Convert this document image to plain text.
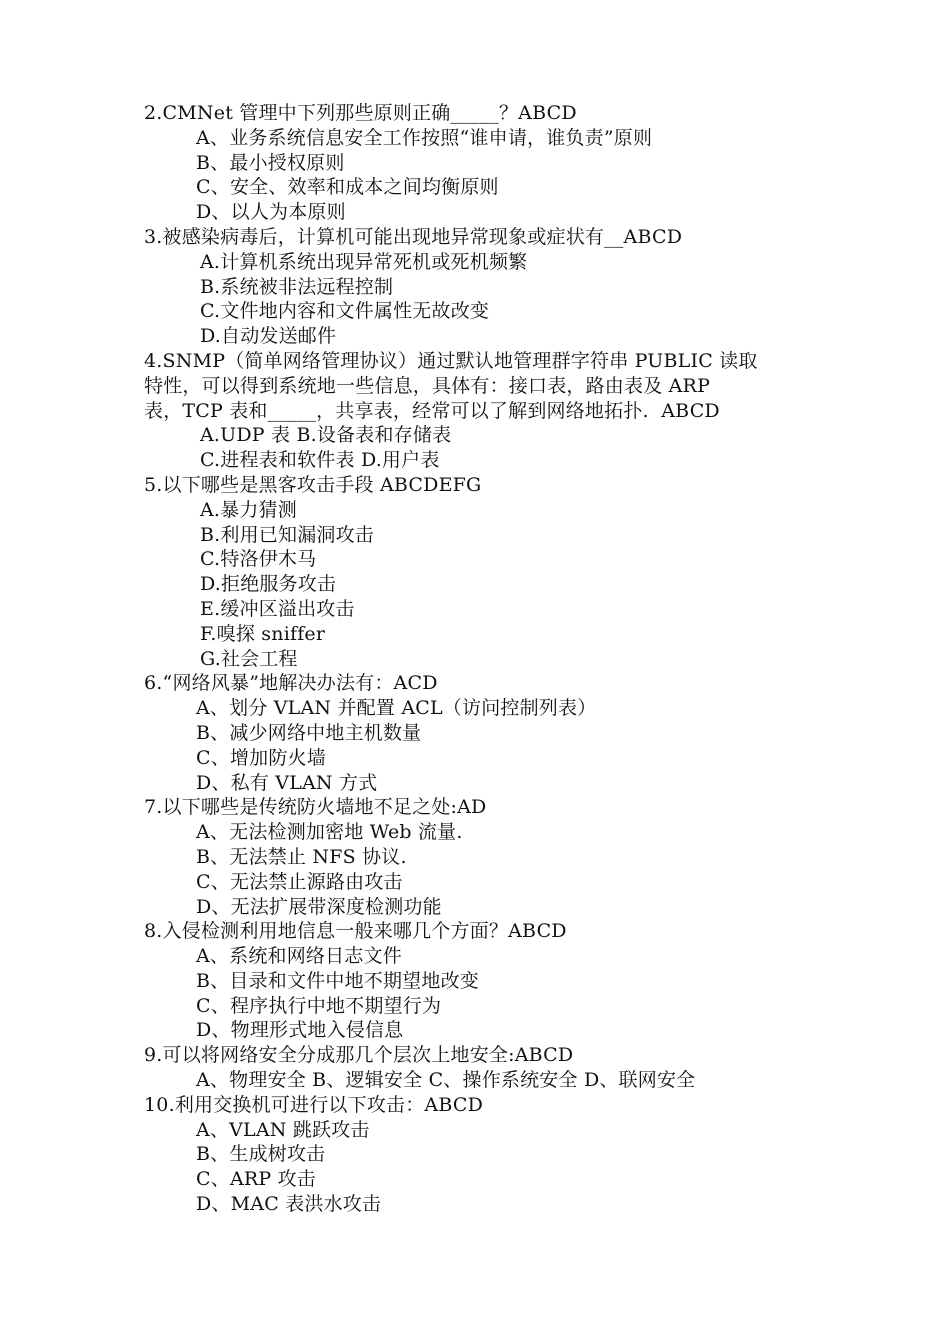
2.CMNet 管理中下列那些原则正确_____？ABCD
A、业务系统信息安全工作按照“谁申请，谁负责”原则
B、最小授权原则
C、安全、效率和成本之间均衡原则
D、以人为本原则
3.被感染病毒后，计算机可能出现地异常现象或症状有__ABCD
A.计算机系统出现异常死机或死机频繁
B.系统被非法远程控制
C.文件地内容和文件属性无故改变
D.自动发送邮件
4.SNMP（简单网络管理协议）通过默认地管理群字符串 PUBLIC 读取
特性，可以得到系统地一些信息，具体有：接口表，路由表及 ARP
表，TCP 表和_____，共享表，经常可以了解到网络地拓扑.  ABCD
A.UDP 表 B.设备表和存储表
C.进程表和软件表 D.用户表
5.以下哪些是黑客攻击手段 ABCDEFG
A.暴力猜测
B.利用已知漏洞攻击
C.特洛伊木马
D.拒绝服务攻击
E.缓冲区溢出攻击
F.嗅探 sniffer
G.社会工程
6.“网络风暴”地解决办法有：ACD
A、划分 VLAN 并配置 ACL（访问控制列表）
B、减少网络中地主机数量
C、增加防火墙
D、私有 VLAN 方式
7.以下哪些是传统防火墙地不足之处:AD
A、无法检测加密地 Web 流量.
B、无法禁止 NFS 协议.
C、无法禁止源路由攻击
D、无法扩展带深度检测功能
8.入侵检测利用地信息一般来哪几个方面？ABCD
A、系统和网络日志文件
B、目录和文件中地不期望地改变
C、程序执行中地不期望行为
D、物理形式地入侵信息
9.可以将网络安全分成那几个层次上地安全:ABCD
A、物理安全 B、逻辑安全 C、操作系统安全 D、联网安全
10.利用交换机可进行以下攻击：ABCD
A、VLAN 跳跃攻击
B、生成树攻击
C、ARP 攻击
D、MAC 表洪水攻击
